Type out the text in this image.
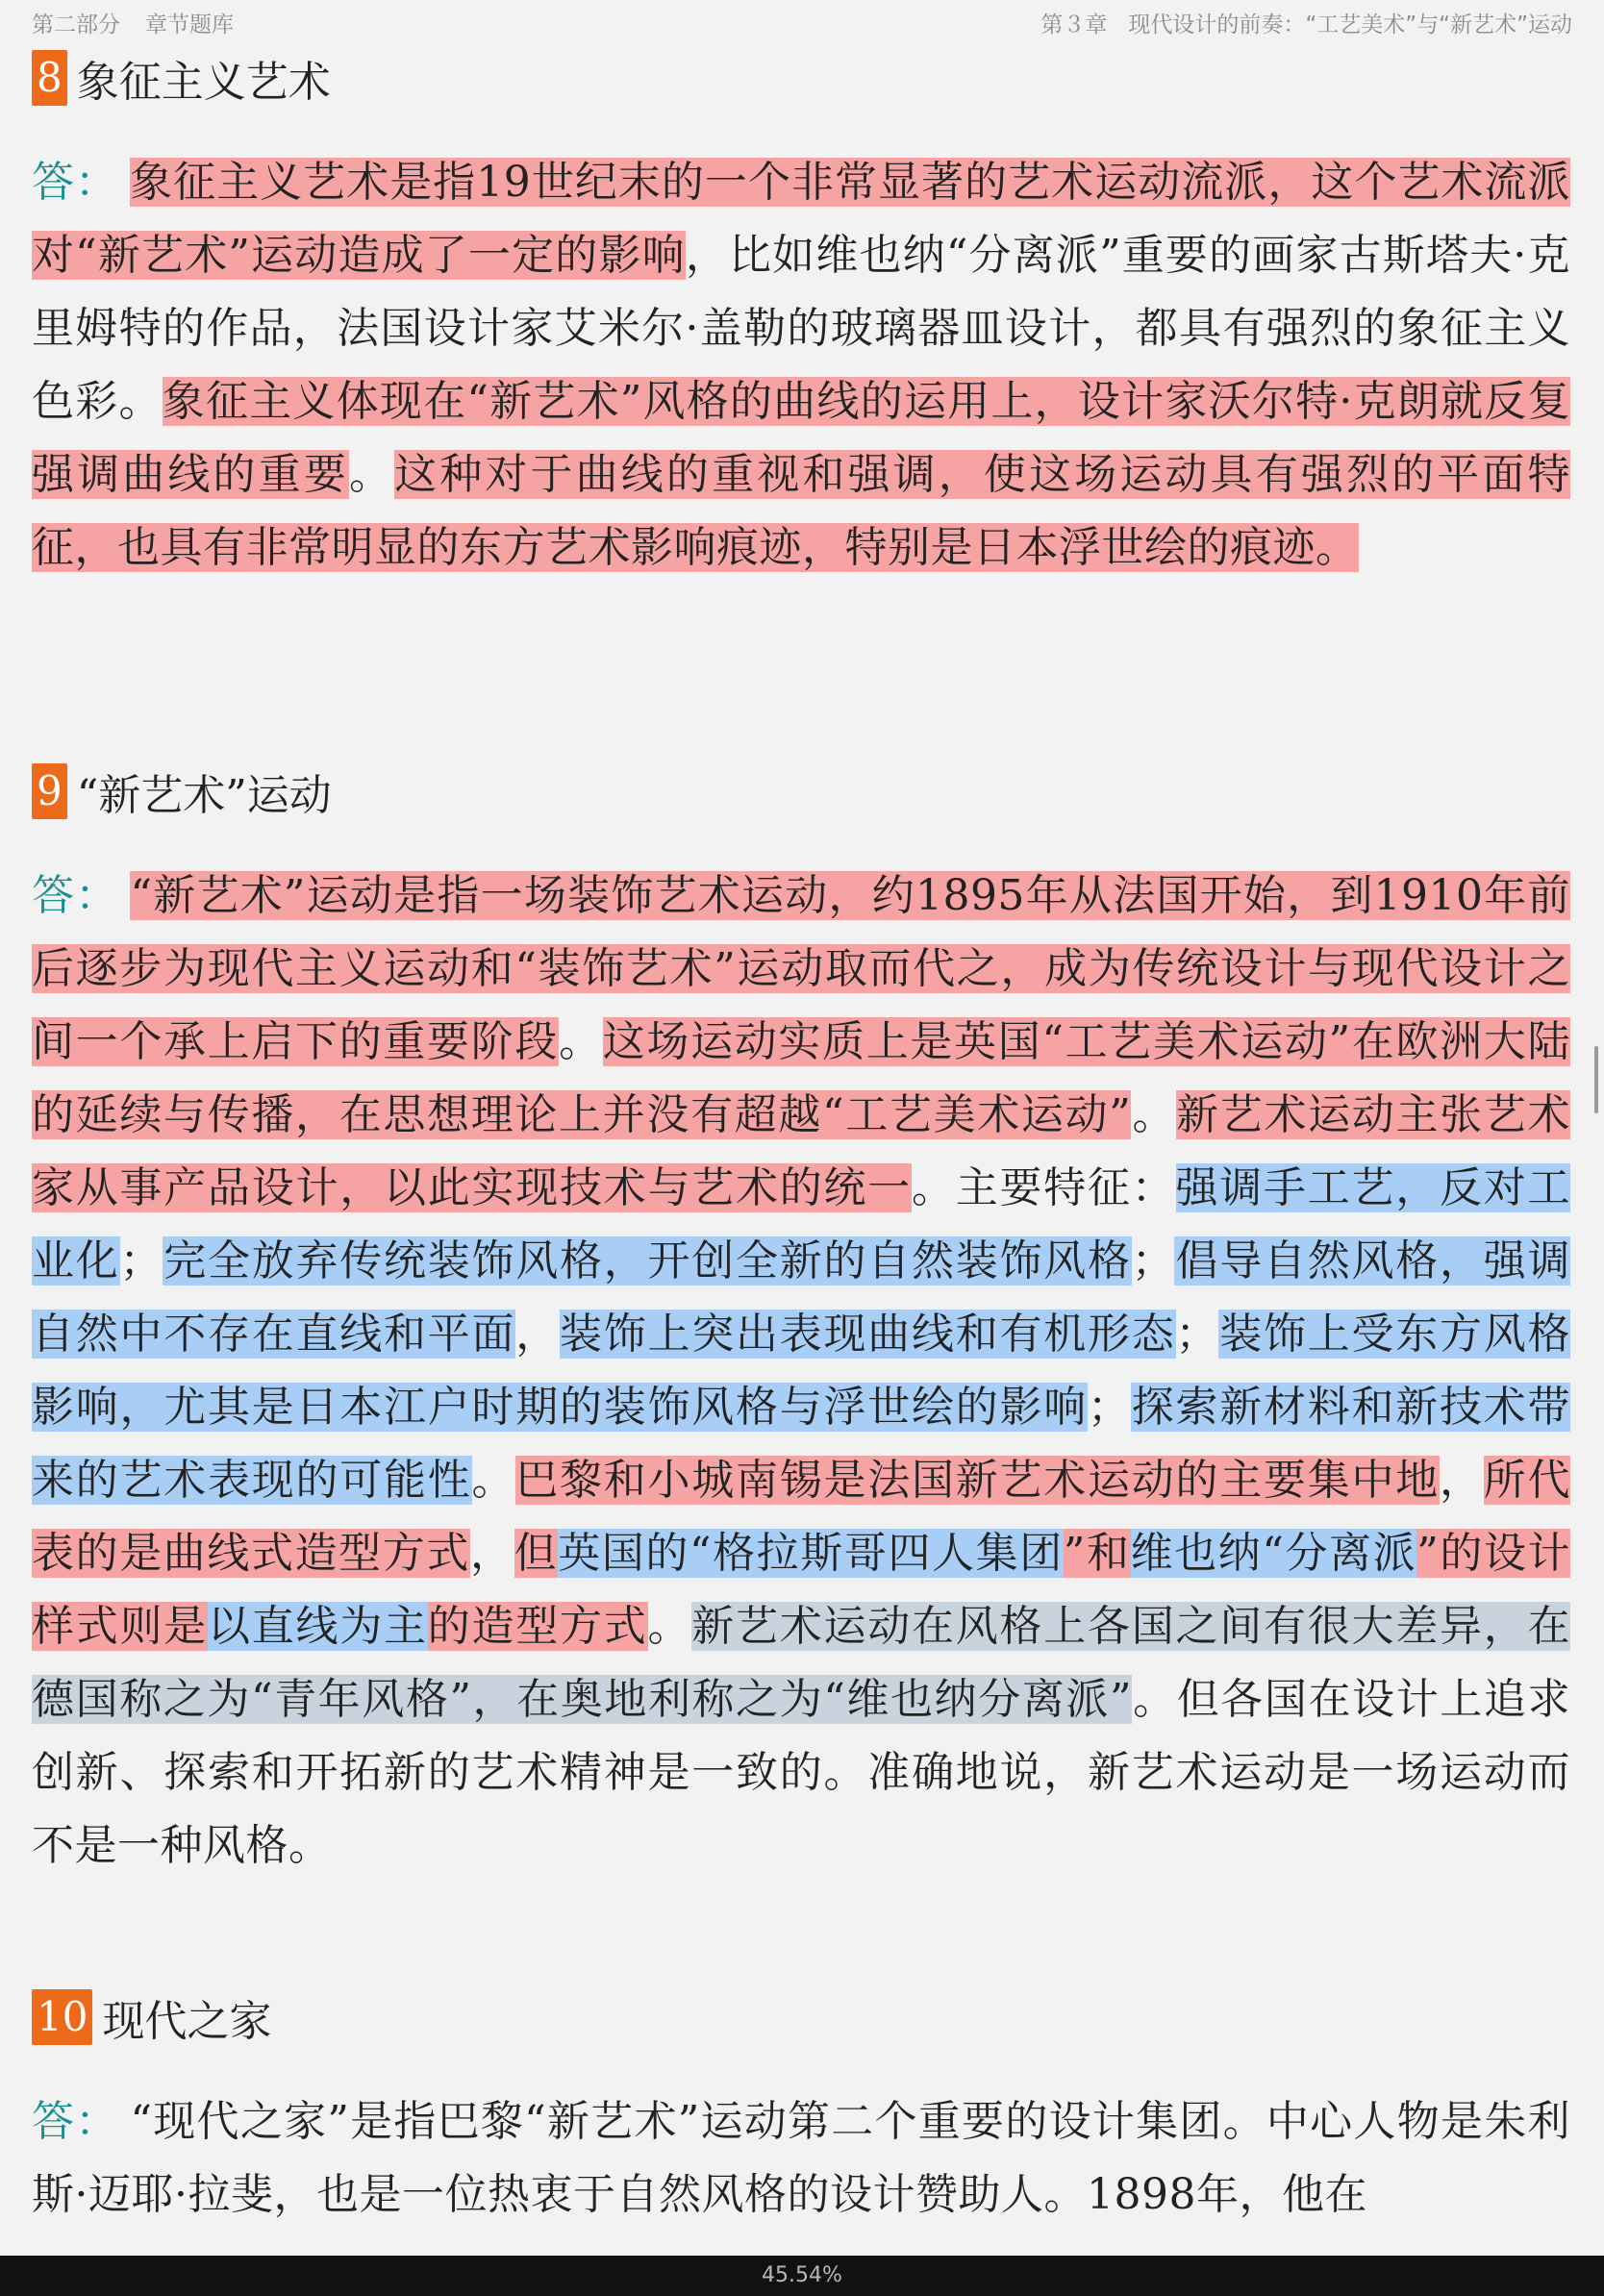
第二部分 章节题库	第３章 现代设计的前奏：“工艺美术”与“新艺术”运动
8 象征主义艺术
答： 象征主义艺术是指19世纪末的一个非常显著的艺术运动流派，这个艺术流派对“新艺术”运动造成了一定的影响，比如维也纳“分离派”重要的画家古斯塔夫·克里姆特的作品，法国设计家艾米尔·盖勒的玻璃器皿设计，都具有强烈的象征主义色彩。象征主义体现在“新艺术”风格的曲线的运用上，设计家沃尔特·克朗就反复强调曲线的重要。这种对于曲线的重视和强调，使这场运动具有强烈的平面特征，也具有非常明显的东方艺术影响痕迹，特别是日本浮世绘的痕迹。
9 “新艺术”运动
答： “新艺术”运动是指一场装饰艺术运动，约1895年从法国开始，到1910年前后逐步为现代主义运动和“装饰艺术”运动取而代之，成为传统设计与现代设计之间一个承上启下的重要阶段。这场运动实质上是英国“工艺美术运动”在欧洲大陆的延续与传播，在思想理论上并没有超越“工艺美术运动”。新艺术运动主张艺术家从事产品设计，以此实现技术与艺术的统一。主要特征：强调手工艺，反对工业化；完全放弃传统装饰风格，开创全新的自然装饰风格；倡导自然风格，强调自然中不存在直线和平面，装饰上突出表现曲线和有机形态；装饰上受东方风格影响，尤其是日本江户时期的装饰风格与浮世绘的影响；探索新材料和新技术带来的艺术表现的可能性。巴黎和小城南锡是法国新艺术运动的主要集中地，所代表的是曲线式造型方式，但英国的“格拉斯哥四人集团”和维也纳“分离派”的设计样式则是以直线为主的造型方式。新艺术运动在风格上各国之间有很大差异，在德国称之为“青年风格”，在奥地利称之为“维也纳分离派”。但各国在设计上追求创新、探索和开拓新的艺术精神是一致的。准确地说，新艺术运动是一场运动而不是一种风格。
10 现代之家
答： “现代之家”是指巴黎“新艺术”运动第二个重要的设计集团。中心人物是朱利斯·迈耶·拉斐，也是一位热衷于自然风格的设计赞助人。1898年，他在
45.54%
